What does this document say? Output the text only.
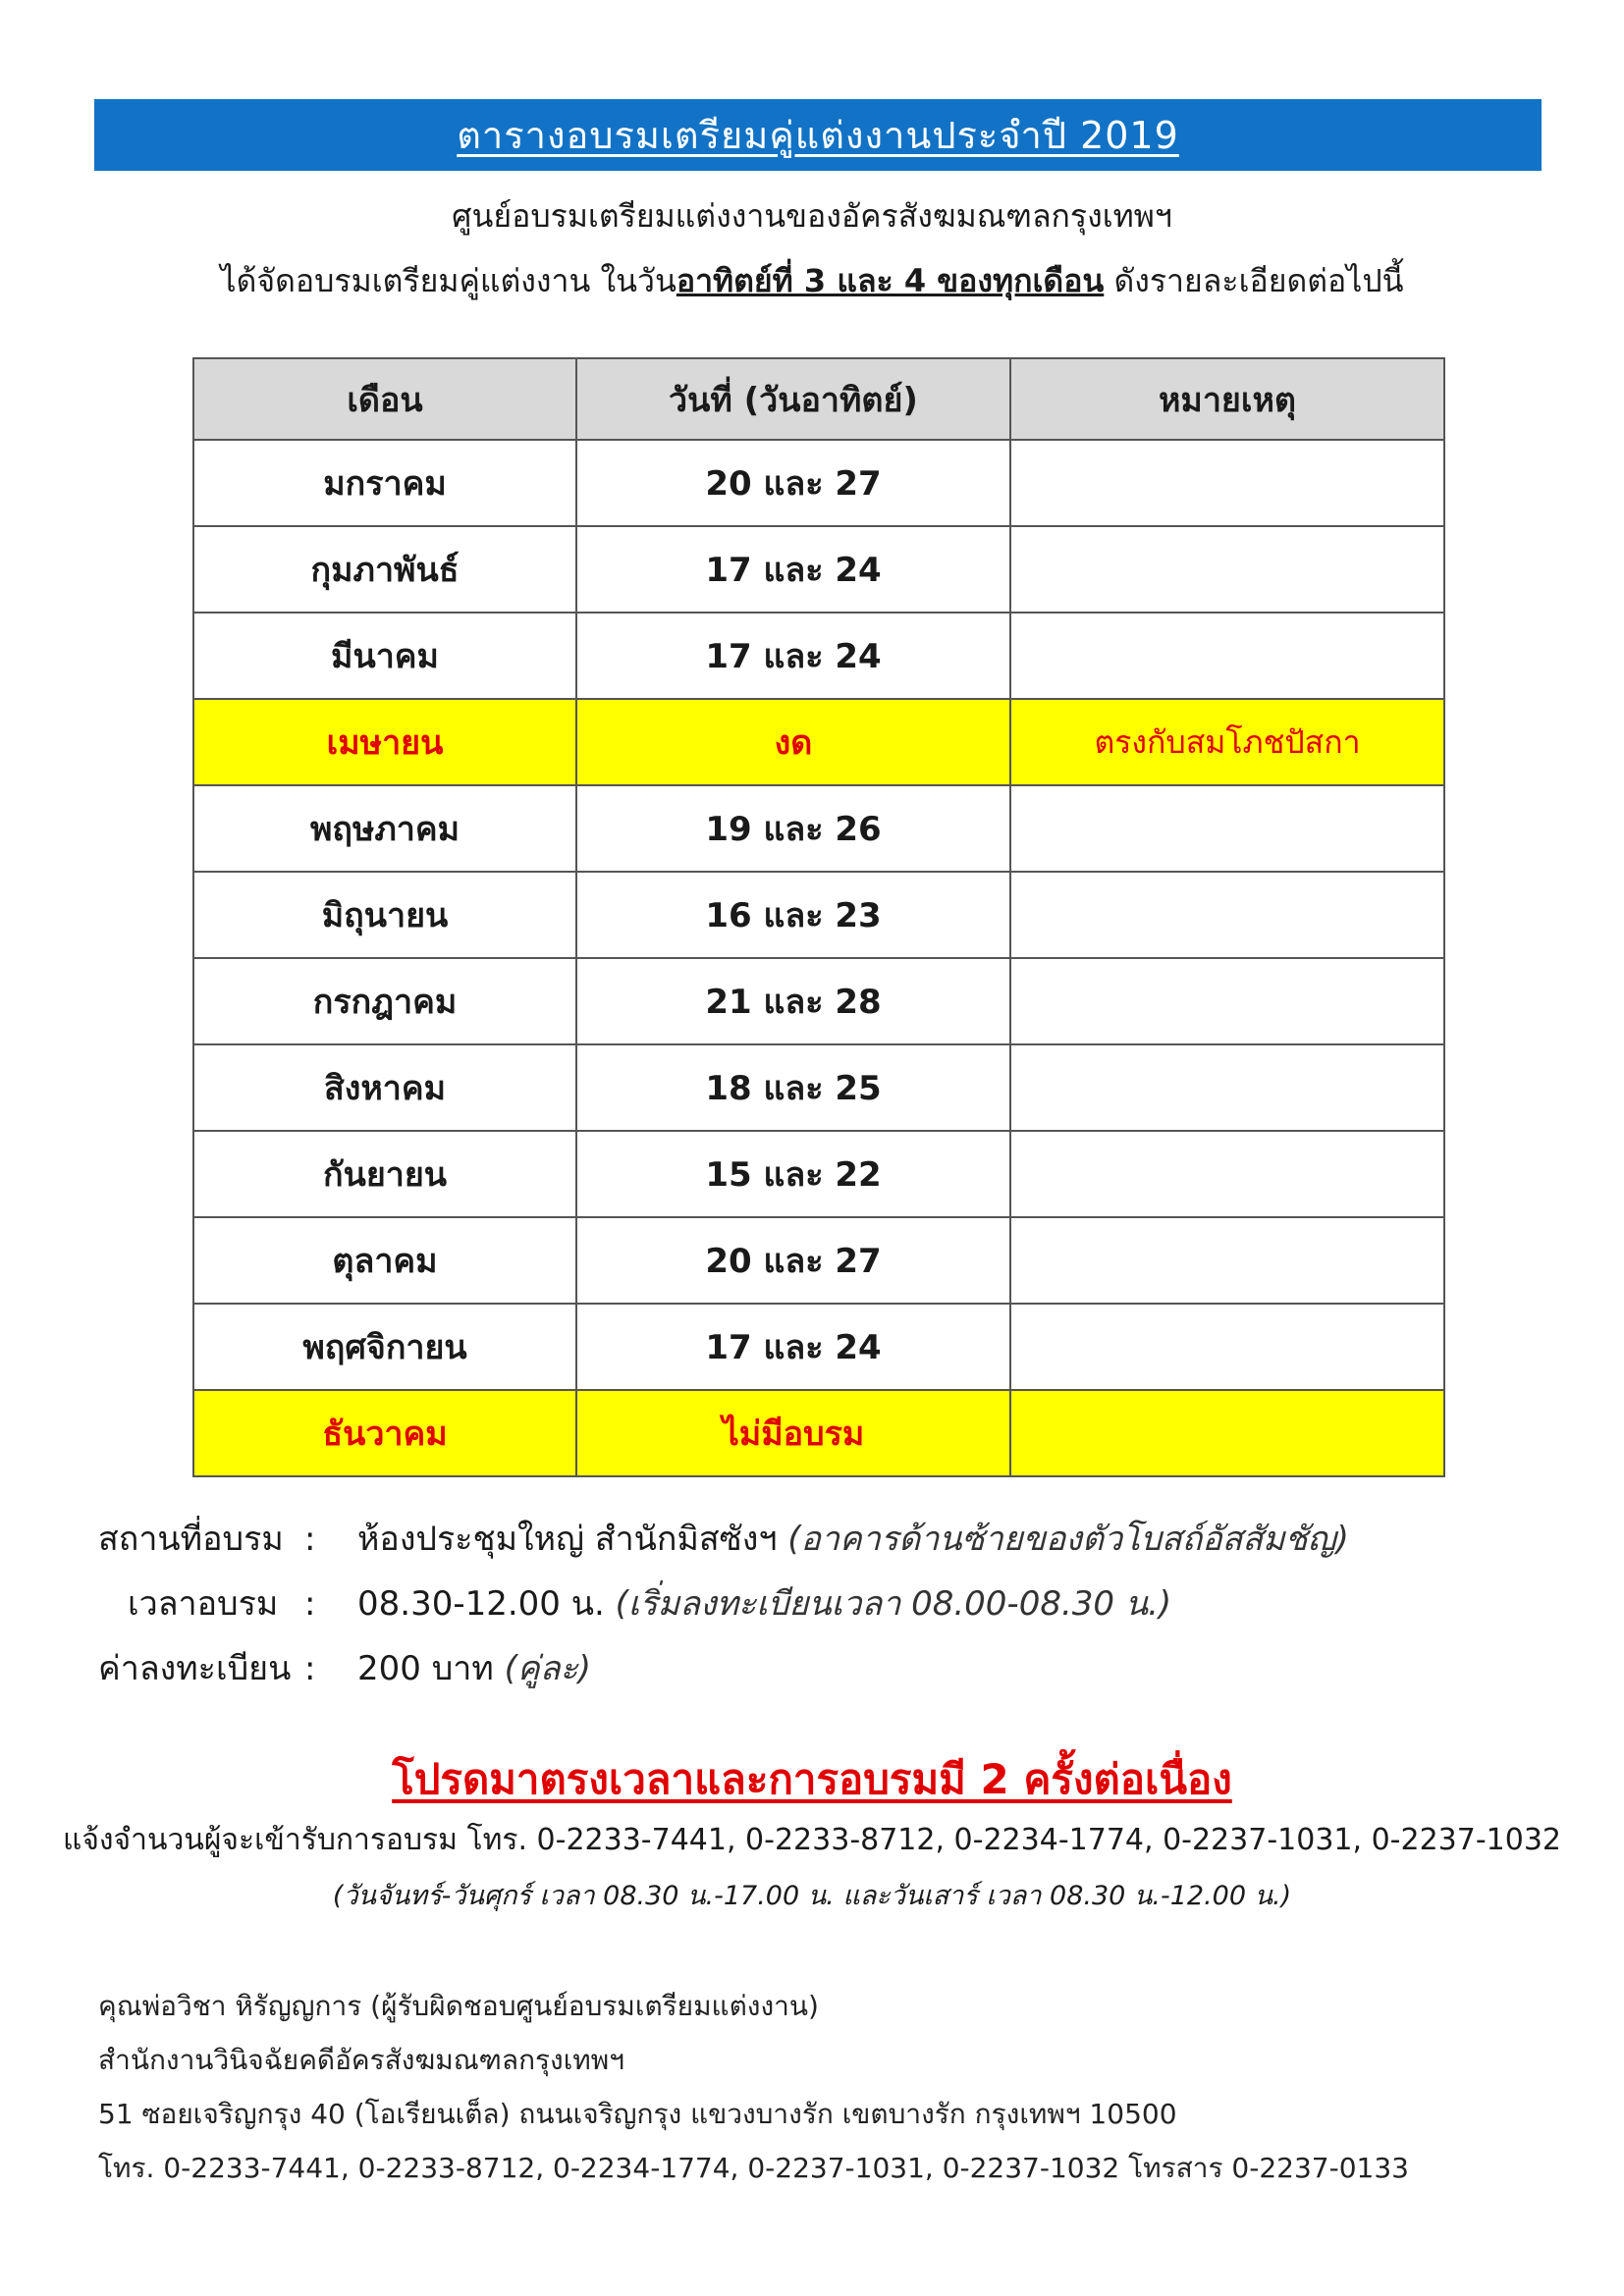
ตารางอบรมเตรียมคู่แต่งงานประจำปี 2019
ศูนย์อบรมเตรียมแต่งงานของอัครสังฆมณฑลกรุงเทพฯ
ได้จัดอบรมเตรียมคู่แต่งงาน ในวันอาทิตย์ที่ 3 และ 4 ของทุกเดือน ดังรายละเอียดต่อไปนี้
เดือน	วันที่ (วันอาทิตย์)	หมายเหตุ
มกราคม	20 และ 27	
กุมภาพันธ์	17 และ 24	
มีนาคม	17 และ 24	
เมษายน	งด	ตรงกับสมโภชปัสกา
พฤษภาคม	19 และ 26	
มิถุนายน	16 และ 23	
กรกฎาคม	21 และ 28	
สิงหาคม	18 และ 25	
กันยายน	15 และ 22	
ตุลาคม	20 และ 27	
พฤศจิกายน	17 และ 24	
ธันวาคม	ไม่มีอบรม	
สถานที่อบรม : ห้องประชุมใหญ่ สำนักมิสซังฯ (อาคารด้านซ้ายของตัวโบสถ์อัสสัมชัญ)
เวลาอบรม : 08.30-12.00 น. (เริ่มลงทะเบียนเวลา 08.00-08.30 น.)
ค่าลงทะเบียน : 200 บาท (คู่ละ)
โปรดมาตรงเวลาและการอบรมมี 2 ครั้งต่อเนื่อง
แจ้งจำนวนผู้จะเข้ารับการอบรม โทร. 0-2233-7441, 0-2233-8712, 0-2234-1774, 0-2237-1031, 0-2237-1032
(วันจันทร์-วันศุกร์ เวลา 08.30 น.-17.00 น. และวันเสาร์ เวลา 08.30 น.-12.00 น.)
คุณพ่อวิชา หิรัญญการ (ผู้รับผิดชอบศูนย์อบรมเตรียมแต่งงาน)
สำนักงานวินิจฉัยคดีอัครสังฆมณฑลกรุงเทพฯ
51 ซอยเจริญกรุง 40 (โอเรียนเต็ล) ถนนเจริญกรุง แขวงบางรัก เขตบางรัก กรุงเทพฯ 10500
โทร. 0-2233-7441, 0-2233-8712, 0-2234-1774, 0-2237-1031, 0-2237-1032 โทรสาร 0-2237-0133
